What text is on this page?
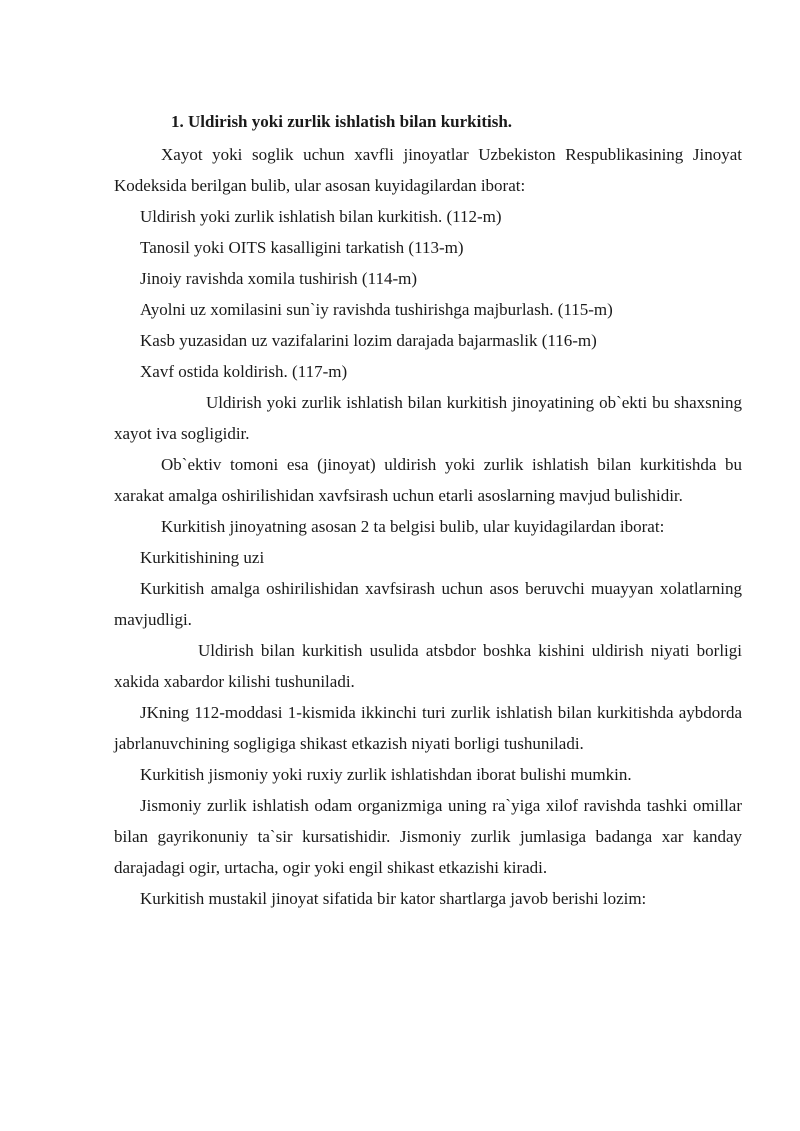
1. Uldirish yoki zurlik ishlatish bilan kurkitish.

Xayot yoki soglik uchun xavfli jinoyatlar Uzbekiston Respublikasining Jinoyat Kodeksida berilgan bulib, ular asosan kuyidagilardan iborat:

Uldirish yoki zurlik ishlatish bilan kurkitish. (112-m)

Tanosil yoki OITS kasalligini tarkatish (113-m)

Jinoiy ravishda xomila tushirish (114-m)

Ayolni uz xomilasini sun`iy ravishda tushirishga majburlash. (115-m)

Kasb yuzasidan uz vazifalarini lozim darajada bajarmaslik (116-m)

Xavf ostida koldirish. (117-m)

Uldirish yoki zurlik ishlatish bilan kurkitish jinoyatining ob`ekti bu shaxsning xayot iva sogligidir.

Ob`ektiv tomoni esa (jinoyat) uldirish yoki zurlik ishlatish bilan kurkitishda bu xarakat amalga oshirilishidan xavfsirash uchun etarli asoslarning mavjud bulishidir.

Kurkitish jinoyatning asosan 2 ta belgisi bulib, ular kuyidagilardan iborat:

Kurkitishining uzi

Kurkitish amalga oshirilishidan xavfsirash uchun asos beruvchi muayyan xolatlarning mavjudligi.

Uldirish bilan kurkitish usulida atsbdor boshka kishini uldirish niyati borligi xakida xabardor kilishi tushuniladi.

JKning 112-moddasi 1-kismida ikkinchi turi zurlik ishlatish bilan kurkitishda aybdorda jabrlanuvchining sogligiga shikast etkazish niyati borligi tushuniladi.

Kurkitish jismoniy yoki ruxiy zurlik ishlatishdan iborat bulishi mumkin.

Jismoniy zurlik ishlatish odam organizmiga uning ra`yiga xilof ravishda tashki omillar bilan gayrikonuniy ta`sir kursatishidir. Jismoniy zurlik jumlasiga badanga xar kanday darajadagi ogir, urtacha, ogir yoki engil shikast etkazishi kiradi.

Kurkitish mustakil jinoyat sifatida bir kator shartlarga javob berishi lozim:
